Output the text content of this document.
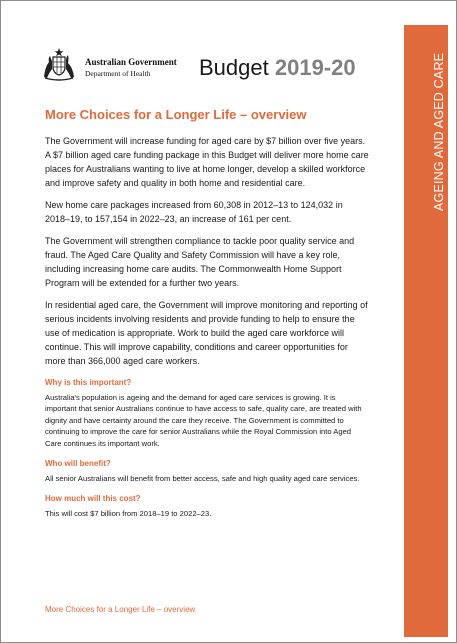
AGEING AND AGED CARE
Australian Government
Department of Health Budget 2019-20
More Choices for a Longer Life – overview

The Government will increase funding for aged care by $7 billion over five years. A $7 billion aged care funding package in this Budget will deliver more home care places for Australians wanting to live at home longer, develop a skilled workforce and improve safety and quality in both home and residential care.

New home care packages increased from 60,308 in 2012–13 to 124,032 in 2018–19, to 157,154 in 2022–23, an increase of 161 per cent.

The Government will strengthen compliance to tackle poor quality service and fraud. The Aged Care Quality and Safety Commission will have a key role, including increasing home care audits. The Commonwealth Home Support Program will be extended for a further two years.

In residential aged care, the Government will improve monitoring and reporting of serious incidents involving residents and provide funding to help to ensure the use of medication is appropriate. Work to build the aged care workforce will continue. This will improve capability, conditions and career opportunities for more than 366,000 aged care workers.

Why is this important?

Australia's population is ageing and the demand for aged care services is growing. It is important that senior Australians continue to have access to safe, quality care, are treated with dignity and have certainty around the care they receive. The Government is committed to continuing to improve the care for senior Australians while the Royal Commission into Aged Care continues its important work.

Who will benefit?

All senior Australians will benefit from better access, safe and high quality aged care services.

How much will this cost?

This will cost $7 billion from 2018–19 to 2022–23.

More Choices for a Longer Life – overview
